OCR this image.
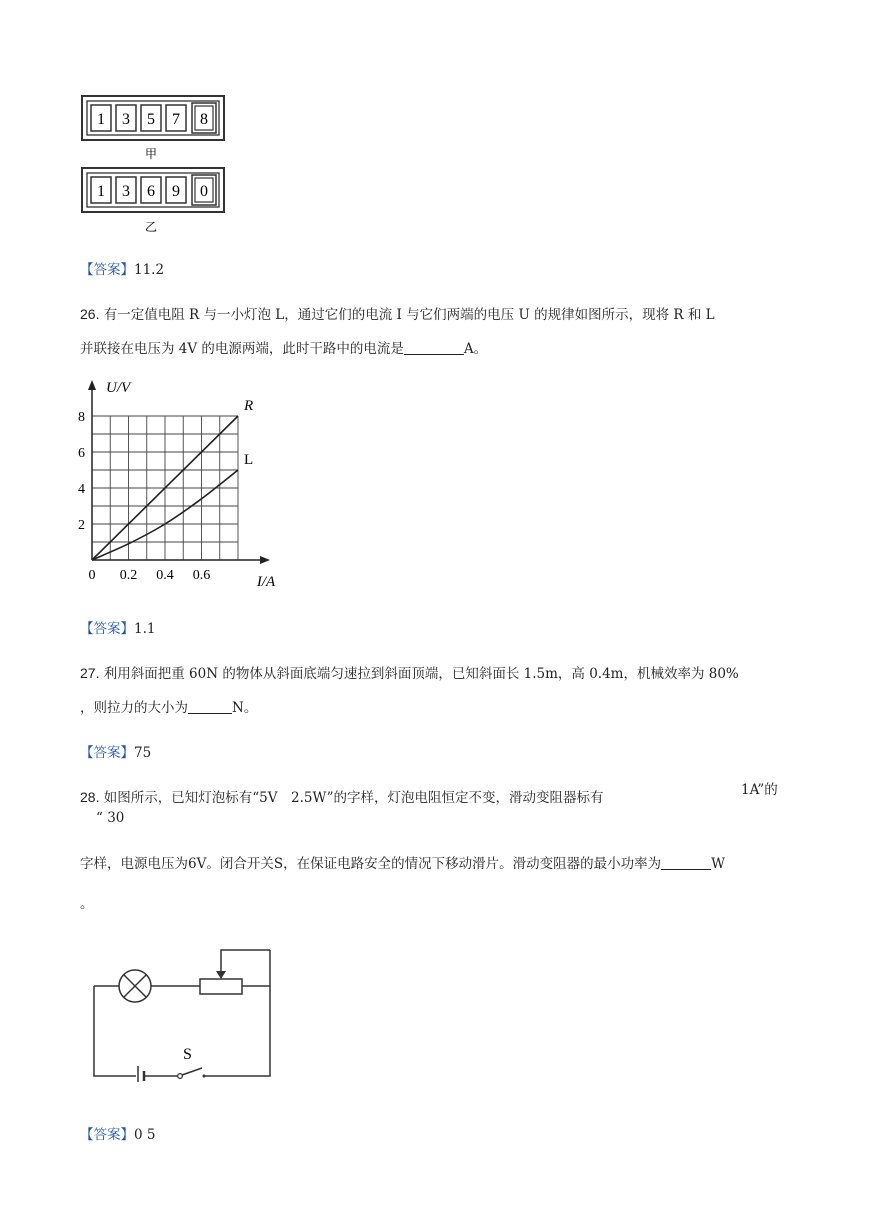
1 3 5 7 8
甲
1 3 6 9 0
乙
【答案】11.2
26. 有一定值电阻 R 与一小灯泡 L，通过它们的电流 I 与它们两端的电压 U 的规律如图所示，现将 R 和 L
并联接在电压为 4V 的电源两端，此时干路中的电流是	A。
0 0.2 0.4 0.6
2
4
6
8
I/A
U/V
R
L
【答案】1.1
27. 利用斜面把重 60N 的物体从斜面底端匀速拉到斜面顶端，已知斜面长 1.5m，高 0.4m，机械效率为 80%
，则拉力的大小为	N。
【答案】75
28. 如图所示，已知灯泡标有“5V　2.5W”的字样，灯泡电阻恒定不变，滑动变阻器标有	1A”的
“ 30
字样，电源电压为6V。闭合开关S，在保证电路安全的情况下移动滑片。滑动变阻器的最小功率为	W
。
S
【答案】0 5
